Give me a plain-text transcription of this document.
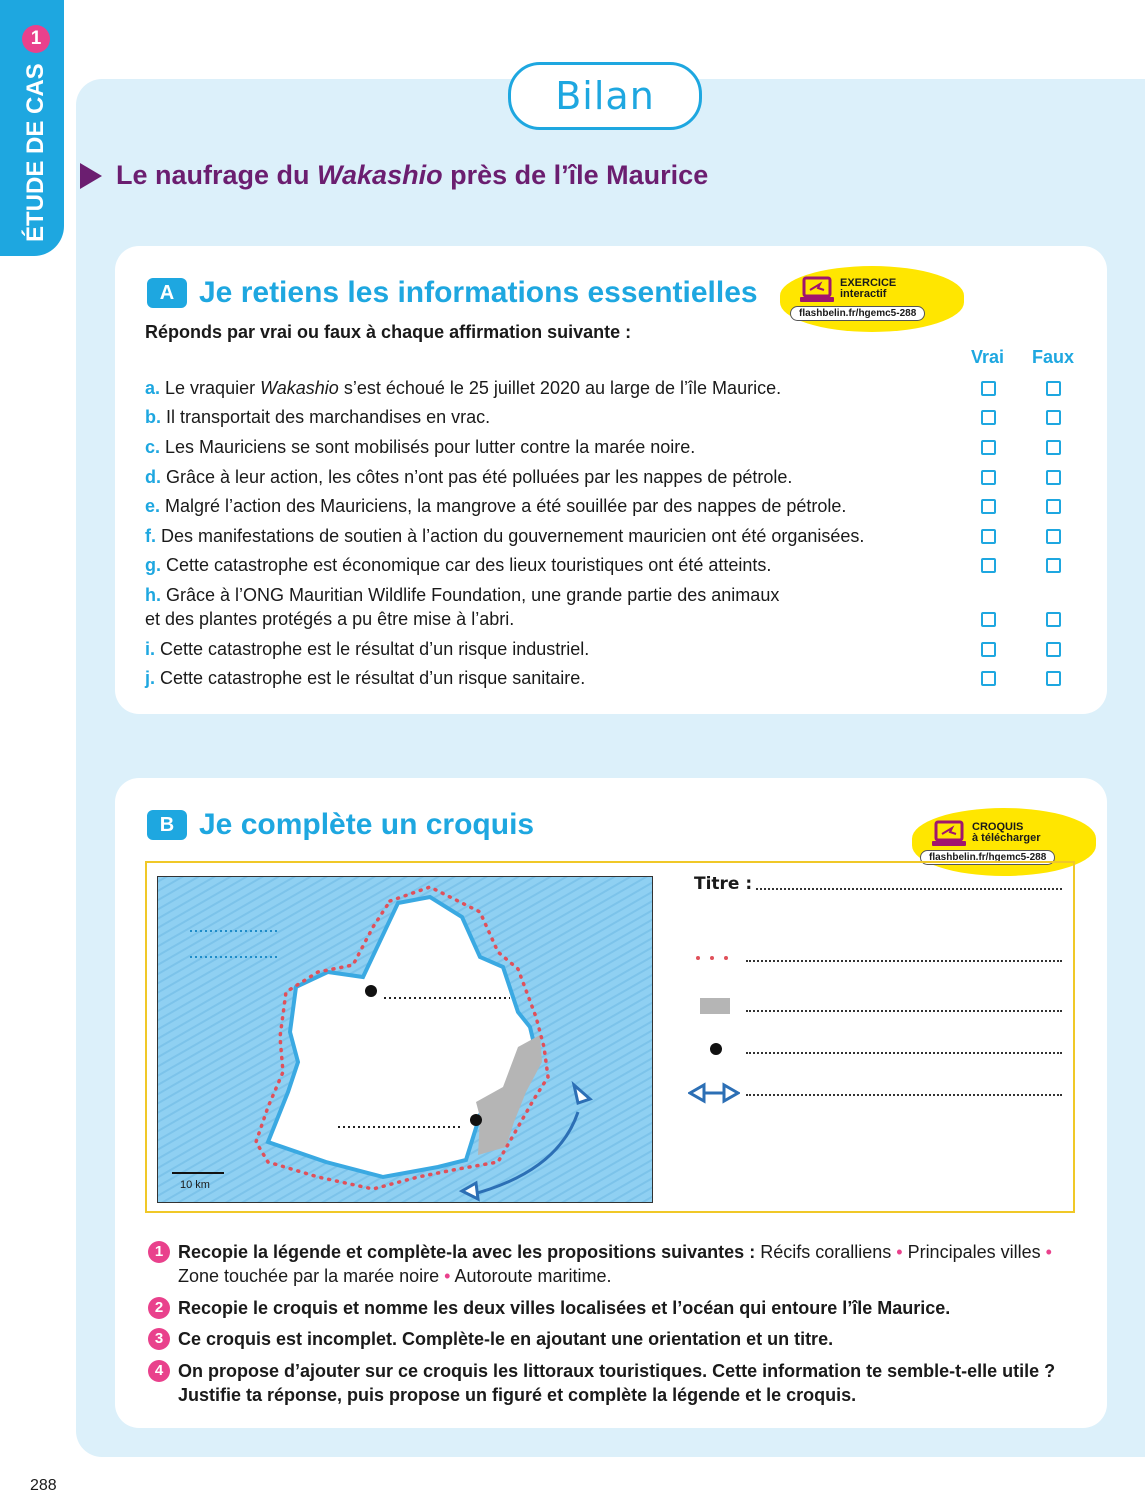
ÉTUDE DE CAS
1
Bilan
Le naufrage du Wakashio près de l’île Maurice
A Je retiens les informations essentielles	EXERCICE
interactif
flashbelin.fr/hgemc5-288
Réponds par vrai ou faux à chaque affirmation suivante :
Vrai Faux
a. Le vraquier Wakashio s’est échoué le 25 juillet 2020 au large de l’île Maurice.
b. Il transportait des marchandises en vrac.
c. Les Mauriciens se sont mobilisés pour lutter contre la marée noire.
d. Grâce à leur action, les côtes n’ont pas été polluées par les nappes de pétrole.
e. Malgré l’action des Mauriciens, la mangrove a été souillée par des nappes de pétrole.
f. Des manifestations de soutien à l’action du gouvernement mauricien ont été organisées.
g. Cette catastrophe est économique car des lieux touristiques ont été atteints.
h. Grâce à l’ONG Mauritian Wildlife Foundation, une grande partie des animaux
et des plantes protégés a pu être mise à l’abri.
i. Cette catastrophe est le résultat d’un risque industriel.
j. Cette catastrophe est le résultat d’un risque sanitaire.
B Je complète un croquis	CROQUIS
à télécharger
flashbelin.fr/hgemc5-288
10 km
Titre :
1 Recopie la légende et complète-la avec les propositions suivantes : Récifs coralliens • Principales villes • Zone touchée par la marée noire • Autoroute maritime.
2 Recopie le croquis et nomme les deux villes localisées et l’océan qui entoure l’île Maurice.
3 Ce croquis est incomplet. Complète-le en ajoutant une orientation et un titre.
4 On propose d’ajouter sur ce croquis les littoraux touristiques. Cette information te semble-t-elle utile ? Justifie ta réponse, puis propose un figuré et complète la légende et le croquis.
288
